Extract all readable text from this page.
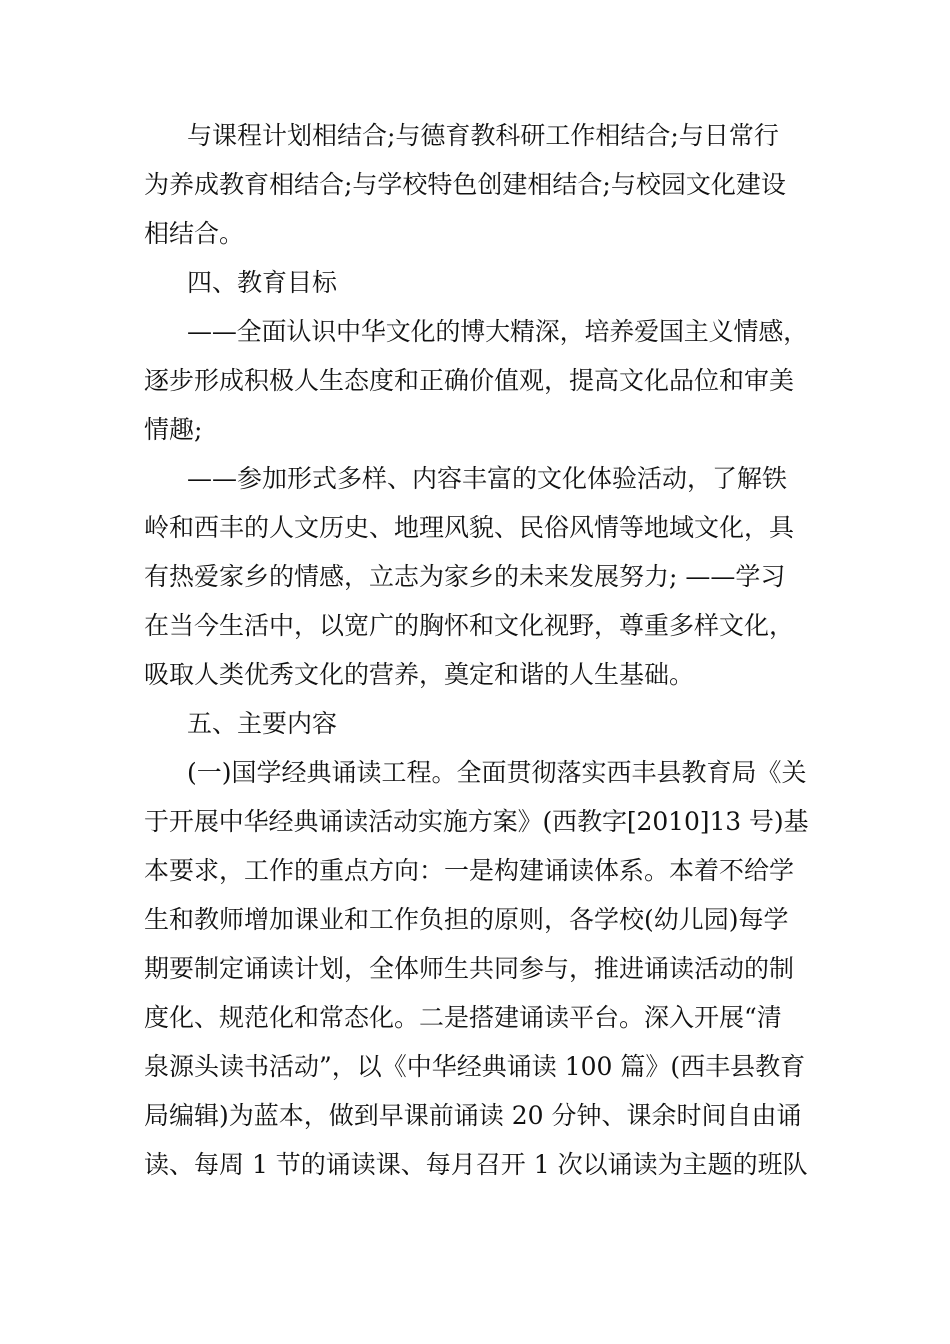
与课程计划相结合;与德育教科研工作相结合;与日常行
为养成教育相结合;与学校特色创建相结合;与校园文化建设
相结合。
四、教育目标
——全面认识中华文化的博大精深，培养爱国主义情感，
逐步形成积极人生态度和正确价值观，提高文化品位和审美
情趣;
——参加形式多样、内容丰富的文化体验活动，了解铁
岭和西丰的人文历史、地理风貌、民俗风情等地域文化，具
有热爱家乡的情感，立志为家乡的未来发展努力; ——学习
在当今生活中，以宽广的胸怀和文化视野，尊重多样文化，
吸取人类优秀文化的营养，奠定和谐的人生基础。
五、主要内容
(一)国学经典诵读工程。全面贯彻落实西丰县教育局《关
于开展中华经典诵读活动实施方案》(西教字[2010]13 号)基
本要求，工作的重点方向：一是构建诵读体系。本着不给学
生和教师增加课业和工作负担的原则，各学校(幼儿园)每学
期要制定诵读计划，全体师生共同参与，推进诵读活动的制
度化、规范化和常态化。二是搭建诵读平台。深入开展“清
泉源头读书活动”，以《中华经典诵读 100 篇》(西丰县教育
局编辑)为蓝本，做到早课前诵读 20 分钟、课余时间自由诵
读、每周 1 节的诵读课、每月召开 1 次以诵读为主题的班队
